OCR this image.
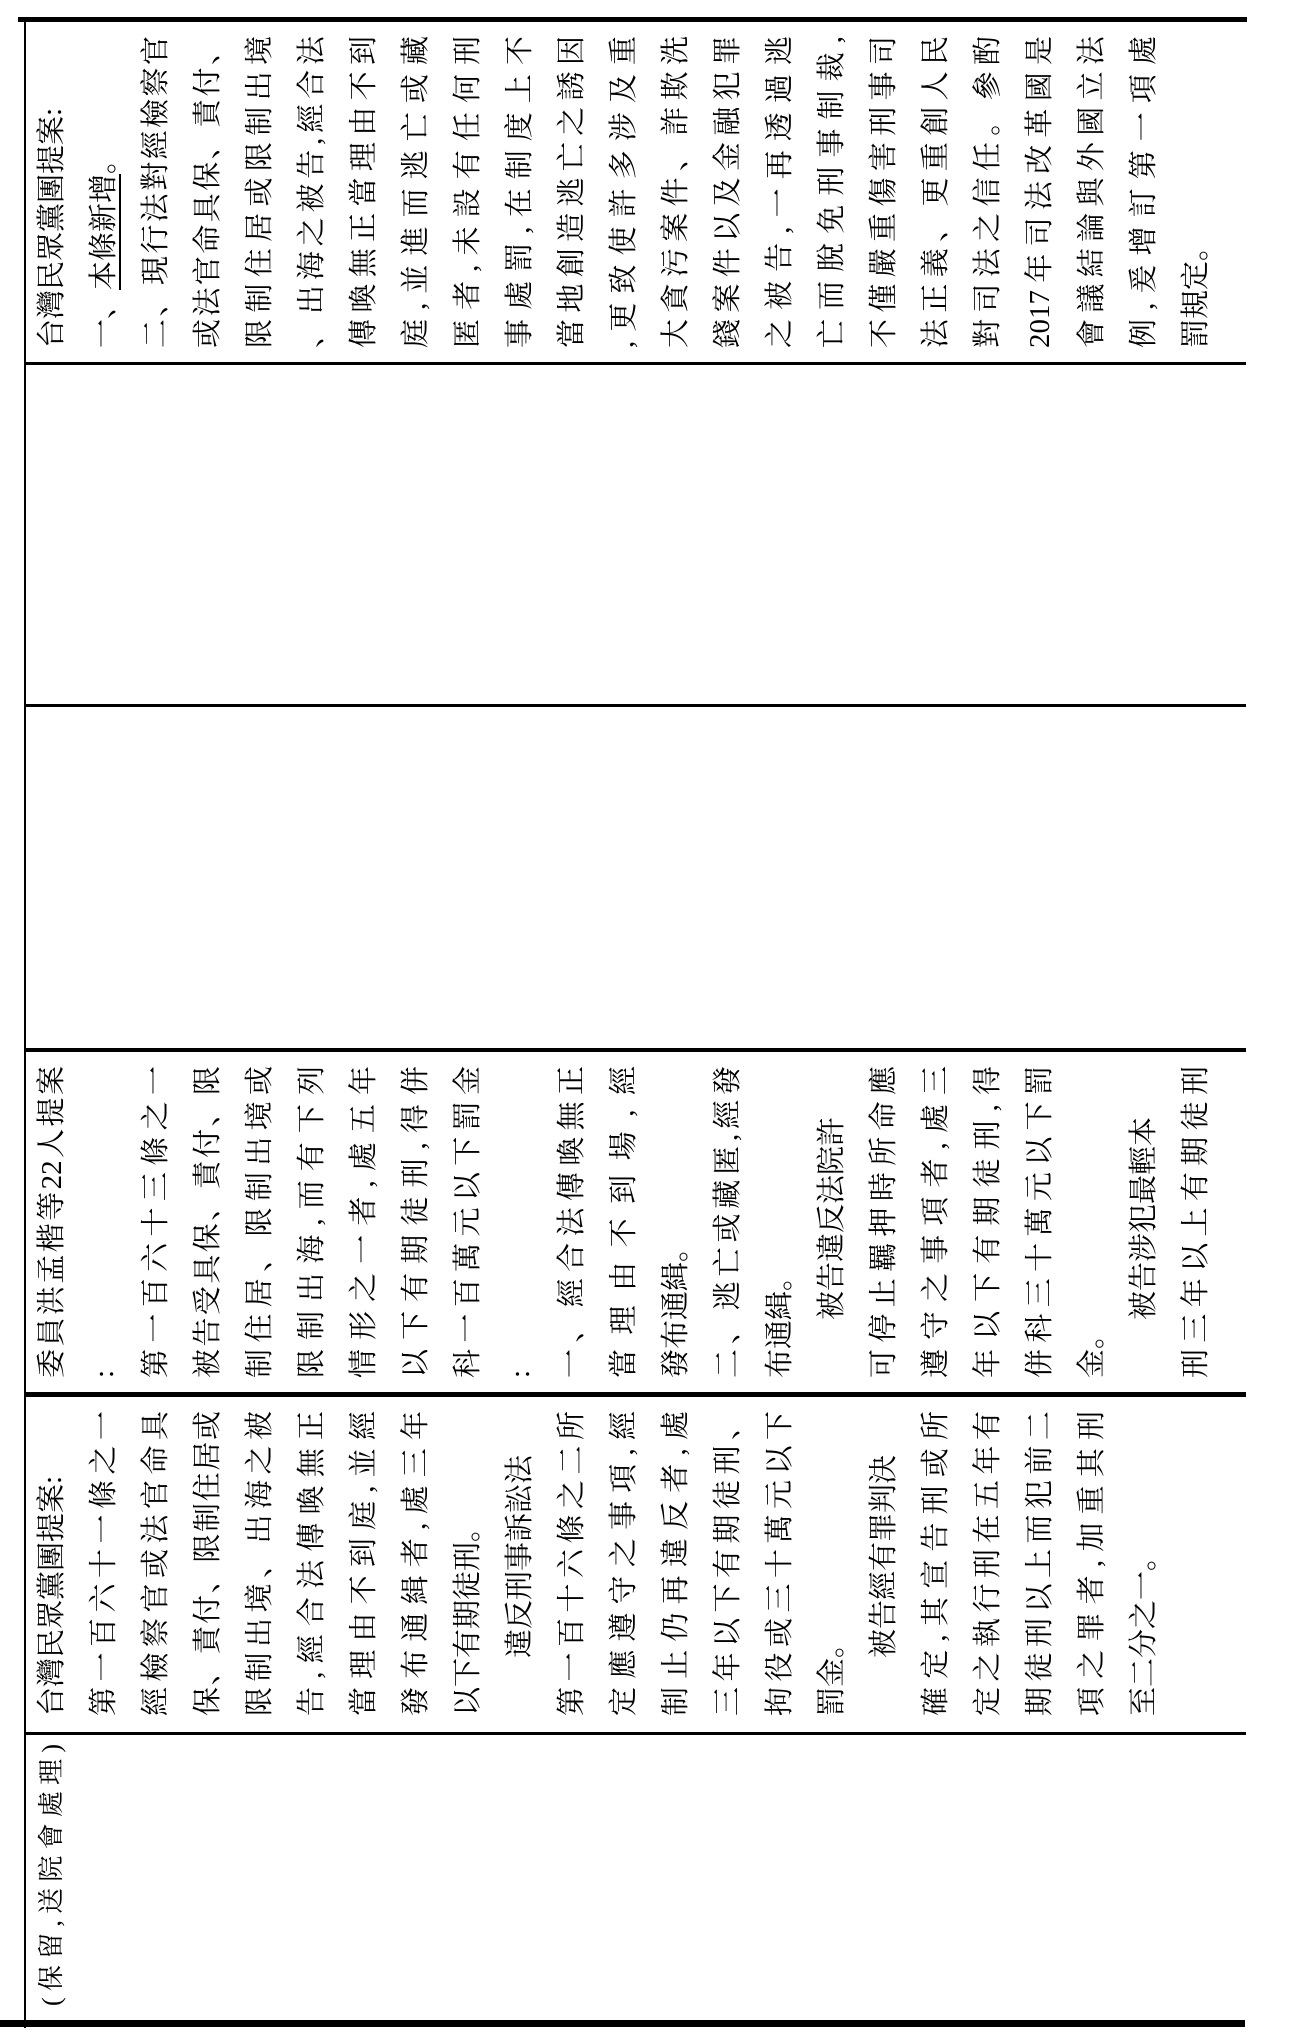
(保留,送院會處理)
台灣民眾黨團提案: 第一百六十一條之一 經檢察官或法官命具 保、責付、限制住居或 限制出境、出海之被 告,經合法傳喚無正 當理由不到庭,並經 發布通緝者,處三年 以下有期徒刑。 　　違反刑事訴訟法 第一百十六條之二所 定應遵守之事項,經 制止仍再違反者,處 三年以下有期徒刑、 拘役或三十萬元以下 罰金。 　　被告經有罪判決 確定,其宣告刑或所 定之執行刑在五年有 期徒刑以上而犯前二 項之罪者,加重其刑 至二分之一。
委員洪孟楷等22人提案 : 第一百六十三條之一 被告受具保、責付、限 制住居、限制出境或 限制出海,而有下列 情形之一者,處五年 以下有期徒刑,得併 科一百萬元以下罰金 : 一、經合法傳喚無正 當理由不到場,經 發布通緝。 二、逃亡或藏匿,經發 布通緝。 　　被告違反法院許 可停止羈押時所命應 遵守之事項者,處三 年以下有期徒刑,得 併科三十萬元以下罰 金。 　　被告涉犯最輕本 刑三年以上有期徒刑
台灣民眾黨團提案: 一、本條新增。 二、現行法對經檢察官 或法官命具保、責付、 限制住居或限制出境 、出海之被告,經合法 傳喚無正當理由不到 庭,並進而逃亡或藏 匿者,未設有任何刑 事處罰,在制度上不 當地創造逃亡之誘因 ,更致使許多涉及重 大貪污案件、詐欺洗 錢案件以及金融犯罪 之被告,一再透過逃 亡而脫免刑事制裁, 不僅嚴重傷害刑事司 法正義、更重創人民 對司法之信任。參酌 2017年司法改革國是 會議結論與外國立法 例,爰增訂第一項處 罰規定。
